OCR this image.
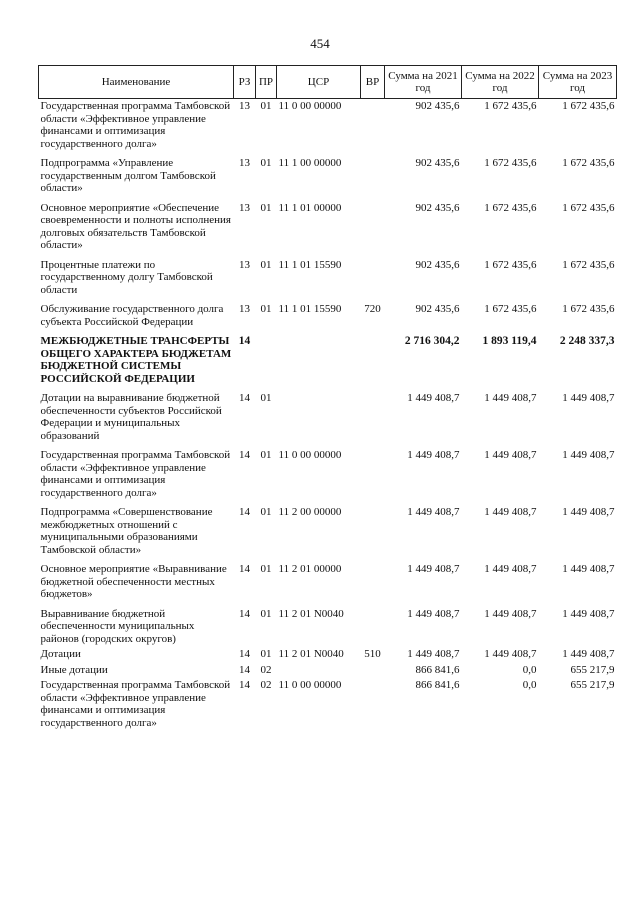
454
Наименование	РЗ	ПР	ЦСР	ВР	Сумма на 2021 год	Сумма на 2022 год	Сумма на 2023 год
Государственная программа Тамбовской области «Эффективное управление финансами и оптимизация государственного долга»	13	01	11 0 00 00000		902 435,6	1 672 435,6	1 672 435,6
Подпрограмма «Управление государственным долгом Тамбовской области»	13	01	11 1 00 00000		902 435,6	1 672 435,6	1 672 435,6
Основное мероприятие «Обеспечение своевременности и полноты исполнения долговых обязательств Тамбовской области»	13	01	11 1 01 00000		902 435,6	1 672 435,6	1 672 435,6
Процентные платежи по государственному долгу Тамбовской области	13	01	11 1 01 15590		902 435,6	1 672 435,6	1 672 435,6
Обслуживание государственного долга субъекта Российской Федерации	13	01	11 1 01 15590	720	902 435,6	1 672 435,6	1 672 435,6
МЕЖБЮДЖЕТНЫЕ ТРАНСФЕРТЫ ОБЩЕГО ХАРАКТЕРА БЮДЖЕТАМ БЮДЖЕТНОЙ СИСТЕМЫ РОССИЙСКОЙ ФЕДЕРАЦИИ	14				2 716 304,2	1 893 119,4	2 248 337,3
Дотации на выравнивание бюджетной обеспеченности субъектов Российской Федерации и муниципальных образований	14	01			1 449 408,7	1 449 408,7	1 449 408,7
Государственная программа Тамбовской области «Эффективное управление финансами и оптимизация государственного долга»	14	01	11 0 00 00000		1 449 408,7	1 449 408,7	1 449 408,7
Подпрограмма «Совершенствование межбюджетных отношений с муниципальными образованиями Тамбовской области»	14	01	11 2 00 00000		1 449 408,7	1 449 408,7	1 449 408,7
Основное мероприятие «Выравнивание бюджетной обеспеченности местных бюджетов»	14	01	11 2 01 00000		1 449 408,7	1 449 408,7	1 449 408,7
Выравнивание бюджетной обеспеченности муниципальных районов (городских округов)	14	01	11 2 01 N0040		1 449 408,7	1 449 408,7	1 449 408,7
Дотации	14	01	11 2 01 N0040	510	1 449 408,7	1 449 408,7	1 449 408,7
Иные дотации	14	02			866 841,6	0,0	655 217,9
Государственная программа Тамбовской области «Эффективное управление финансами и оптимизация государственного долга»	14	02	11 0 00 00000		866 841,6	0,0	655 217,9
